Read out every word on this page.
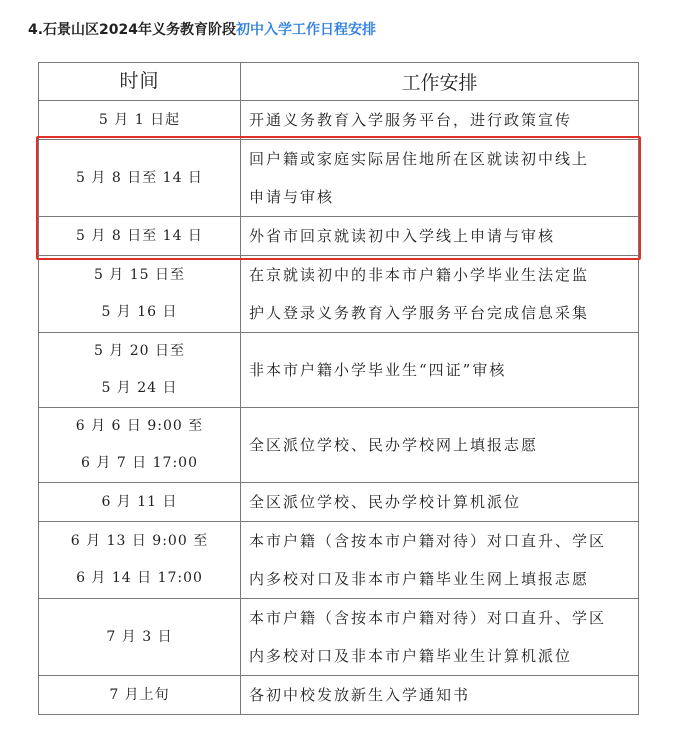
4.石景山区2024年义务教育阶段初中入学工作日程安排
时间	工作安排

5 月 1 日起	开通义务教育入学服务平台，进行政策宣传

5 月 8 日至 14 日	回户籍或家庭实际居住地所在区就读初中线上
申请与审核

5 月 8 日至 14 日	外省市回京就读初中入学线上申请与审核

5 月 15 日至
5 月 16 日	在京就读初中的非本市户籍小学毕业生法定监
护人登录义务教育入学服务平台完成信息采集

5 月 20 日至
5 月 24 日	非本市户籍小学毕业生“四证”审核

6 月 6 日 9:00 至
6 月 7 日 17:00	全区派位学校、民办学校网上填报志愿

6 月 11 日	全区派位学校、民办学校计算机派位

6 月 13 日 9:00 至
6 月 14 日 17:00	本市户籍（含按本市户籍对待）对口直升、学区
内多校对口及非本市户籍毕业生网上填报志愿

7 月 3 日	本市户籍（含按本市户籍对待）对口直升、学区
内多校对口及非本市户籍毕业生计算机派位

7 月上旬	各初中校发放新生入学通知书
